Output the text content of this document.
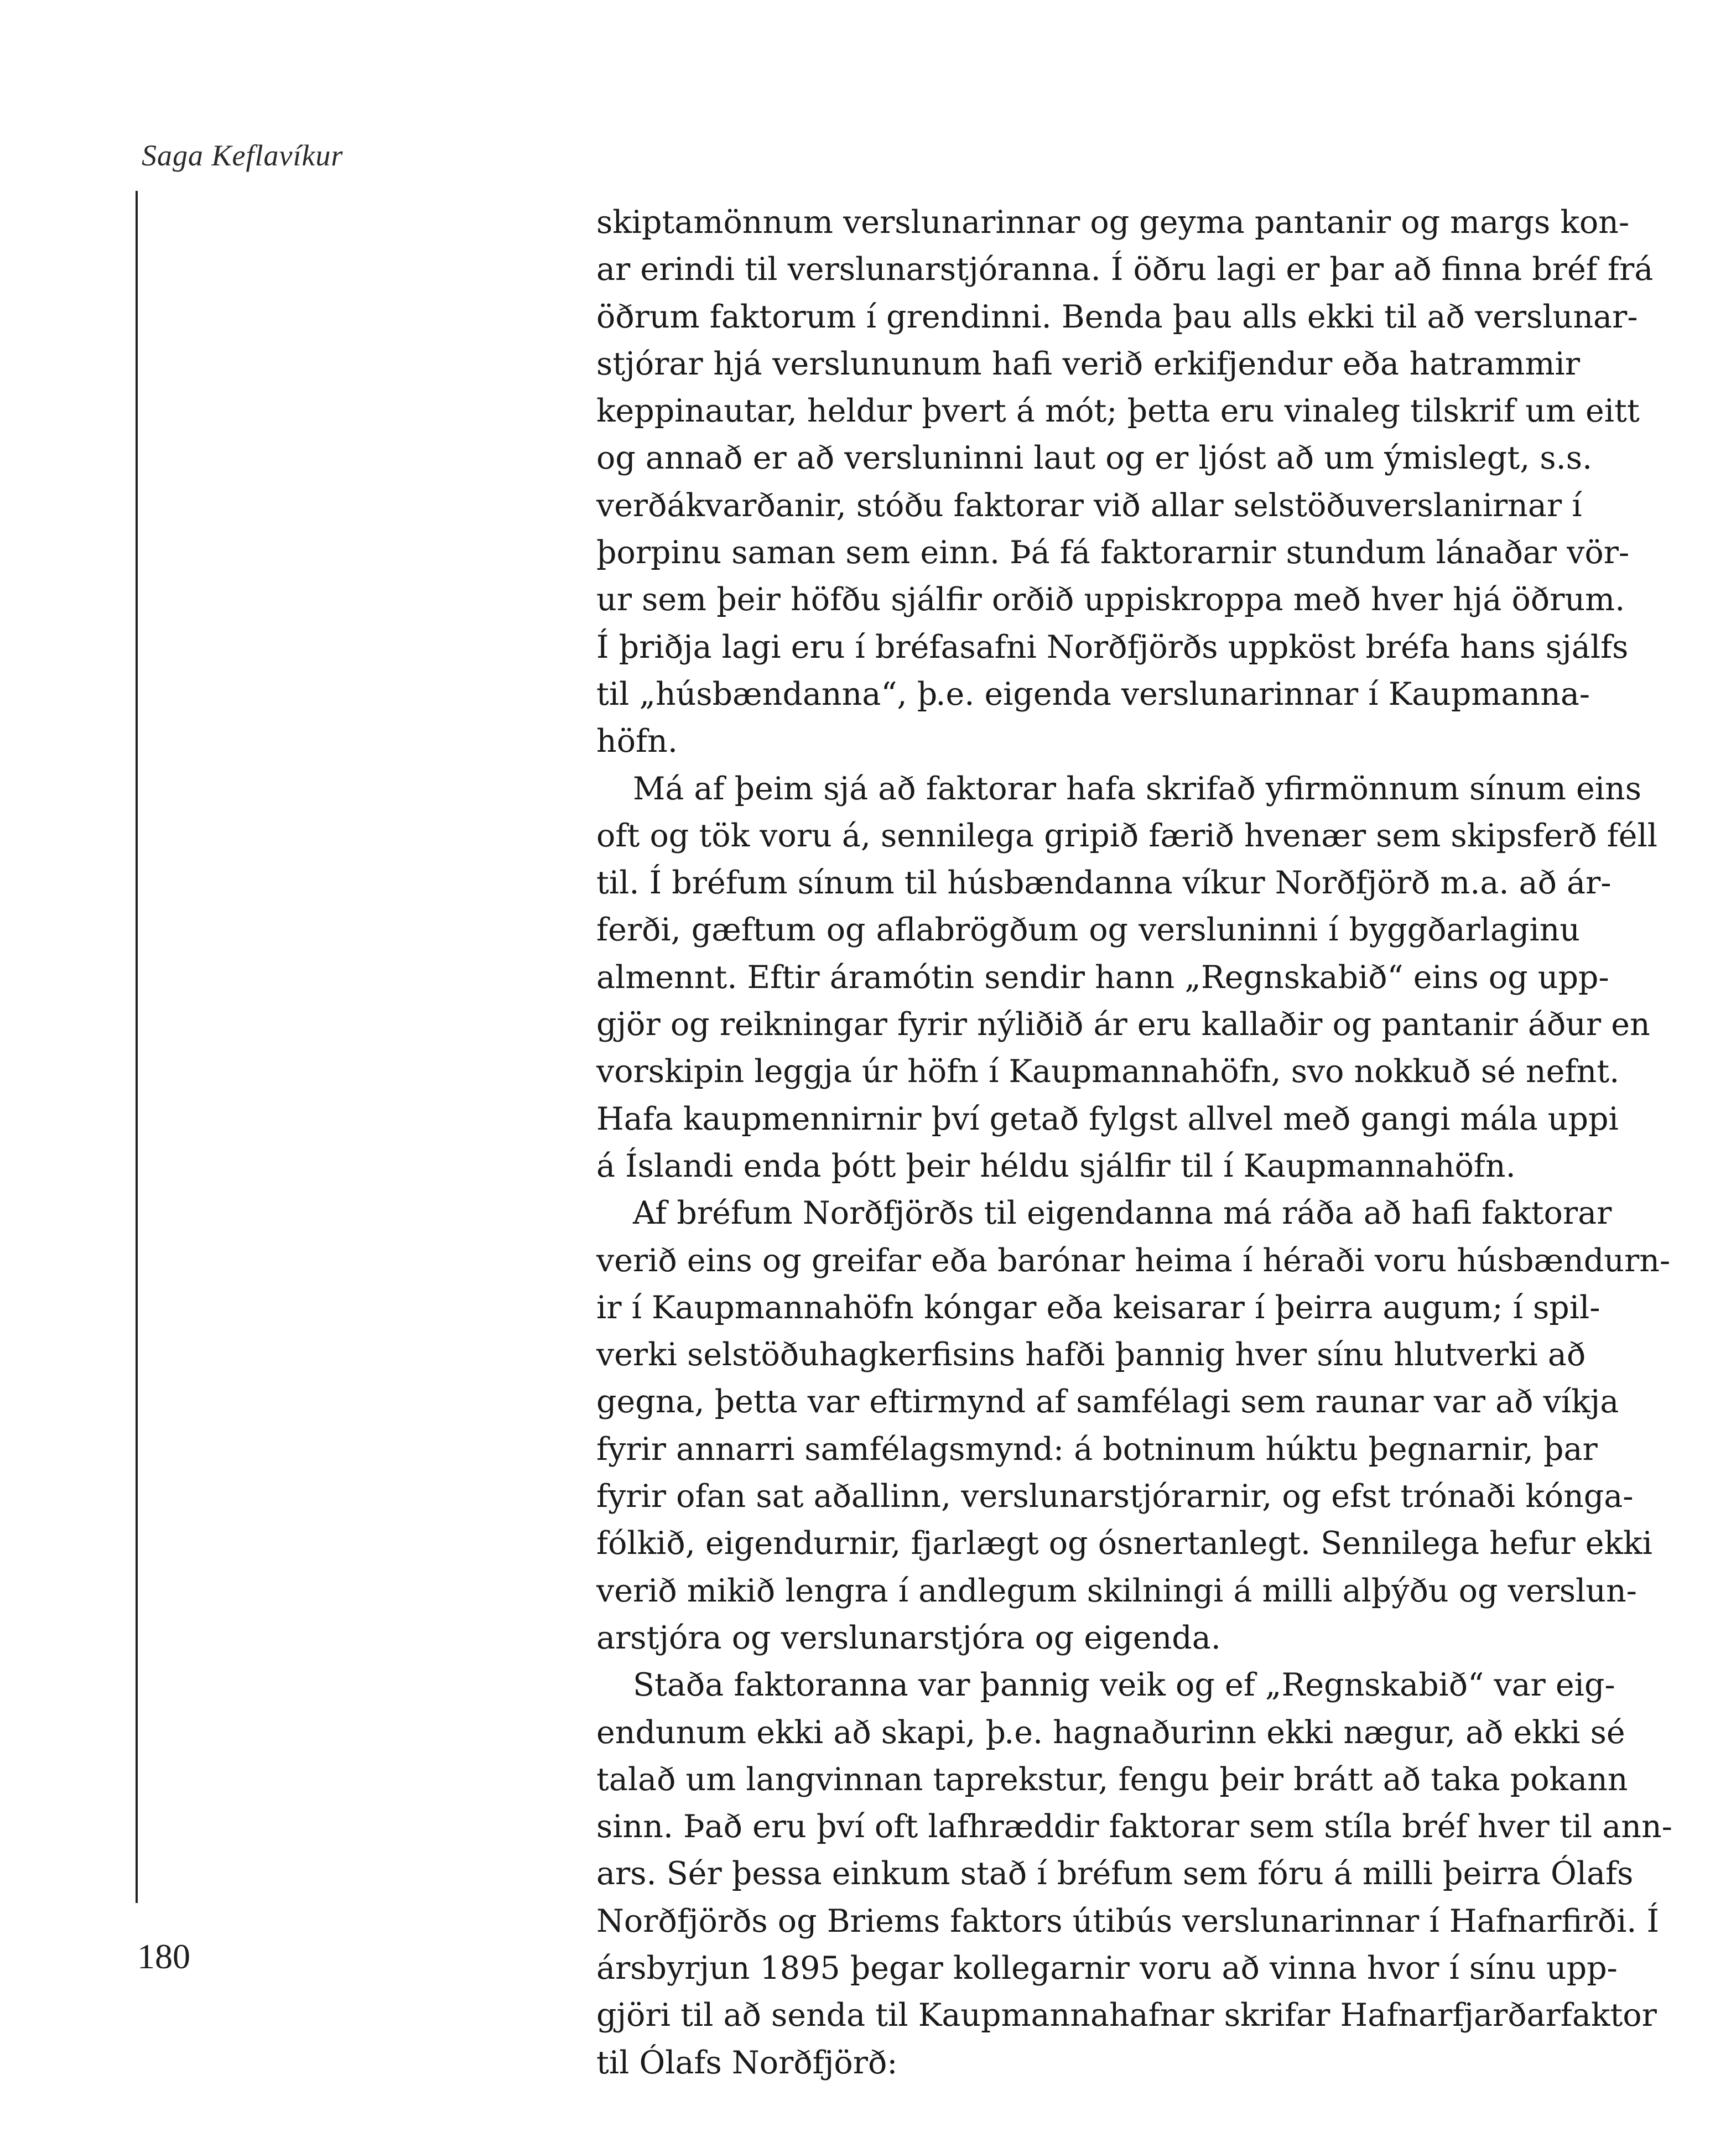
Saga Keflavíkur
skiptamönnum verslunarinnar og geyma pantanir og margs kon-
ar erindi til verslunarstjóranna. Í öðru lagi er þar að finna bréf frá
öðrum faktorum í grendinni. Benda þau alls ekki til að verslunar-
stjórar hjá verslununum hafi verið erkifjendur eða hatrammir
keppinautar, heldur þvert á mót; þetta eru vinaleg tilskrif um eitt
og annað er að versluninni laut og er ljóst að um ýmislegt, s.s.
verðákvarðanir, stóðu faktorar við allar selstöðuverslanirnar í
þorpinu saman sem einn. Þá fá faktorarnir stundum lánaðar vör-
ur sem þeir höfðu sjálfir orðið uppiskroppa með hver hjá öðrum.
Í þriðja lagi eru í bréfasafni Norðfjörðs uppköst bréfa hans sjálfs
til „húsbændanna“, þ.e. eigenda verslunarinnar í Kaupmanna-
höfn.
Má af þeim sjá að faktorar hafa skrifað yfirmönnum sínum eins
oft og tök voru á, sennilega gripið færið hvenær sem skipsferð féll
til. Í bréfum sínum til húsbændanna víkur Norðfjörð m.a. að ár-
ferði, gæftum og aflabrögðum og versluninni í byggðarlaginu
almennt. Eftir áramótin sendir hann „Regnskabið“ eins og upp-
gjör og reikningar fyrir nýliðið ár eru kallaðir og pantanir áður en
vorskipin leggja úr höfn í Kaupmannahöfn, svo nokkuð sé nefnt.
Hafa kaupmennirnir því getað fylgst allvel með gangi mála uppi
á Íslandi enda þótt þeir héldu sjálfir til í Kaupmannahöfn.
Af bréfum Norðfjörðs til eigendanna má ráða að hafi faktorar
verið eins og greifar eða barónar heima í héraði voru húsbændurn-
ir í Kaupmannahöfn kóngar eða keisarar í þeirra augum; í spil-
verki selstöðuhagkerfisins hafði þannig hver sínu hlutverki að
gegna, þetta var eftirmynd af samfélagi sem raunar var að víkja
fyrir annarri samfélagsmynd: á botninum húktu þegnarnir, þar
fyrir ofan sat aðallinn, verslunarstjórarnir, og efst trónaði kónga-
fólkið, eigendurnir, fjarlægt og ósnertanlegt. Sennilega hefur ekki
verið mikið lengra í andlegum skilningi á milli alþýðu og verslun-
arstjóra og verslunarstjóra og eigenda.
Staða faktoranna var þannig veik og ef „Regnskabið“ var eig-
endunum ekki að skapi, þ.e. hagnaðurinn ekki nægur, að ekki sé
talað um langvinnan taprekstur, fengu þeir brátt að taka pokann
sinn. Það eru því oft lafhræddir faktorar sem stíla bréf hver til ann-
ars. Sér þessa einkum stað í bréfum sem fóru á milli þeirra Ólafs
Norðfjörðs og Briems faktors útibús verslunarinnar í Hafnarfirði. Í
ársbyrjun 1895 þegar kollegarnir voru að vinna hvor í sínu upp-
gjöri til að senda til Kaupmannahafnar skrifar Hafnarfjarðarfaktor
til Ólafs Norðfjörð:
180
